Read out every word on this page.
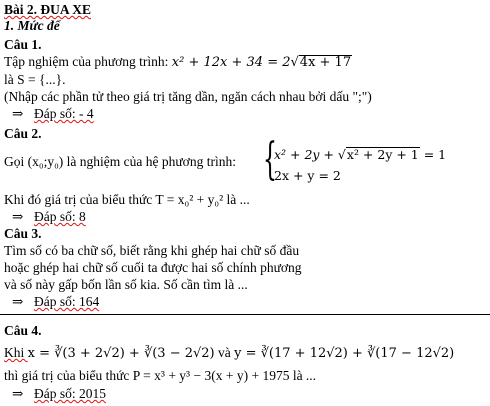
Bài 2. ĐUA XE
1. Mức để
Câu 1.
Tập nghiệm của phương trình: x² + 12x + 34 = 2√4x + 17
là S = {...}.
(Nhập các phần tử theo giá trị tăng dần, ngăn cách nhau bởi dấu ";")
⇒ Đáp số: - 4
Câu 2.
Gọi (x₀;y₀) là nghiệm của hệ phương trình: {
x² + 2y + √x² + 2y + 1 = 1
2x + y = 2
Khi đó giá trị của biểu thức T = x₀² + y₀² là ...
⇒ Đáp số: 8
Câu 3.
Tìm số có ba chữ số, biết rằng khi ghép hai chữ số đầu
hoặc ghép hai chữ số cuối ta được hai số chính phương
và số này gấp bốn lần số kia. Số cần tìm là ...
⇒ Đáp số: 164
Câu 4.
Khi x = ∛(3 + 2√2) + ∛(3 − 2√2) và y = ∛(17 + 12√2) + ∛(17 − 12√2)
thì giá trị của biểu thức P = x³ + y³ − 3(x + y) + 1975 là ...
⇒ Đáp số: 2015
